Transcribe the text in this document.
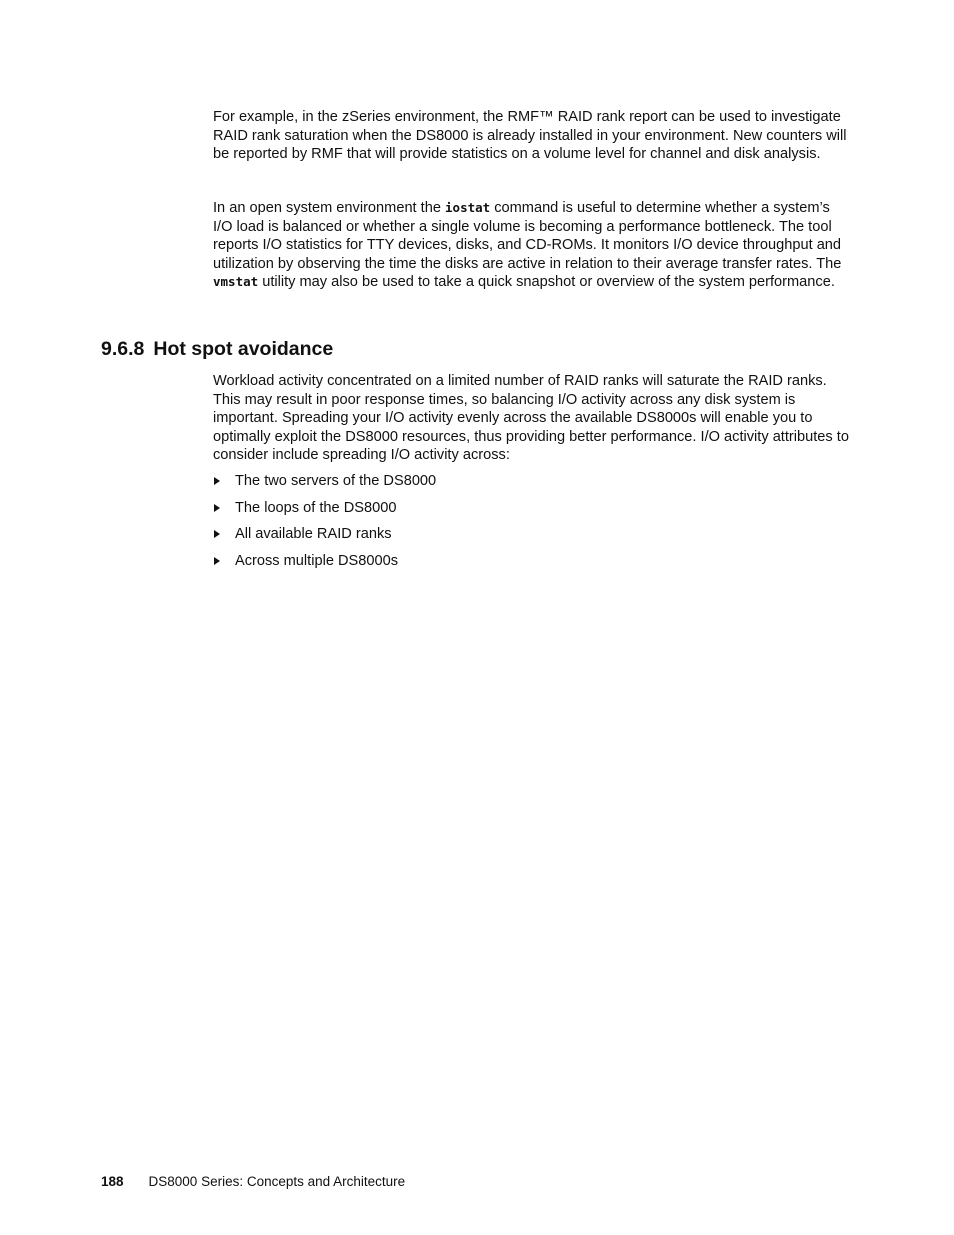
For example, in the zSeries environment, the RMF™ RAID rank report can be used to investigate RAID rank saturation when the DS8000 is already installed in your environment. New counters will be reported by RMF that will provide statistics on a volume level for channel and disk analysis.

In an open system environment the iostat command is useful to determine whether a system’s I/O load is balanced or whether a single volume is becoming a performance bottleneck. The tool reports I/O statistics for TTY devices, disks, and CD-ROMs. It monitors I/O device throughput and utilization by observing the time the disks are active in relation to their average transfer rates. The vmstat utility may also be used to take a quick snapshot or overview of the system performance.

9.6.8 Hot spot avoidance

Workload activity concentrated on a limited number of RAID ranks will saturate the RAID ranks. This may result in poor response times, so balancing I/O activity across any disk system is important. Spreading your I/O activity evenly across the available DS8000s will enable you to optimally exploit the DS8000 resources, thus providing better performance. I/O activity attributes to consider include spreading I/O activity across:

The two servers of the DS8000
The loops of the DS8000
All available RAID ranks
Across multiple DS8000s
188 DS8000 Series: Concepts and Architecture
